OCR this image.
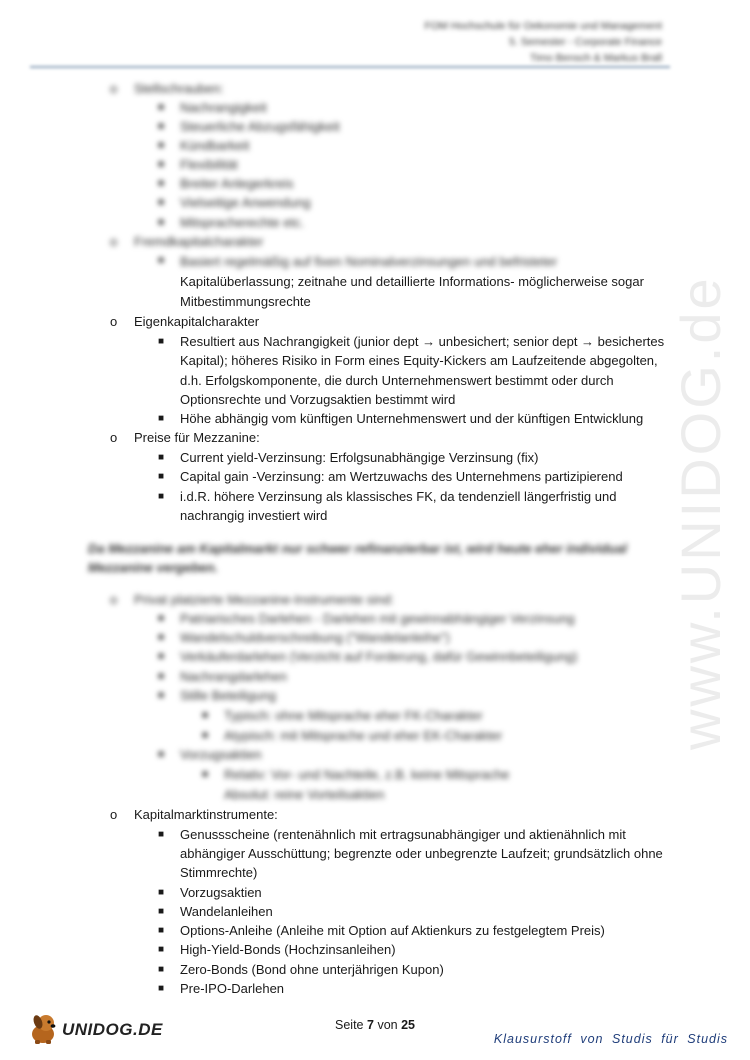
www.UNIDOG.de
FOM Hochschule für Oekonomie und Management
5. Semester - Corporate Finance
Timo Bensch & Markus Brall
o Stellschrauben:
■ Nachrangigkeit
■ Steuerliche Abzugsfähigkeit
■ Kündbarkeit
■ Flexibilität
■ Breiter Anlegerkreis
■ Vielseitige Anwendung
■ Mitspracherechte etc.
o Fremdkapitalcharakter
■ Basiert regelmäßig auf fixen Nominalverzinsungen und befristeter
Kapitalüberlassung; zeitnahe und detaillierte Informations- möglicherweise sogar
Mitbestimmungsrechte
o Eigenkapitalcharakter
■ Resultiert aus Nachrangigkeit (junior dept → unbesichert; senior dept → besichertes
Kapital); höheres Risiko in Form eines Equity-Kickers am Laufzeitende abgegolten,
d.h. Erfolgskomponente, die durch Unternehmenswert bestimmt oder durch
Optionsrechte und Vorzugsaktien bestimmt wird
■ Höhe abhängig vom künftigen Unternehmenswert und der künftigen Entwicklung
o Preise für Mezzanine:
■ Current yield-Verzinsung: Erfolgsunabhängige Verzinsung (fix)
■ Capital gain -Verzinsung: am Wertzuwachs des Unternehmens partizipierend
■ i.d.R. höhere Verzinsung als klassisches FK, da tendenziell längerfristig und
nachrangig investiert wird
Da Mezzanine am Kapitalmarkt nur schwer refinanzierbar ist, wird heute eher individual
Mezzanine vergeben.
o Privat platzierte Mezzanine-Instrumente sind:
■ Patriarisches Darlehen - Darlehen mit gewinnabhängiger Verzinsung
■ Wandelschuldverschreibung ("Wandelanleihe")
■ Verkäuferdarlehen (Verzicht auf Forderung, dafür Gewinnbeteiligung)
■ Nachrangdarlehen
■ Stille Beteiligung
■ Typisch: ohne Mitsprache eher FK-Charakter
■ Atypisch: mit Mitsprache und eher EK-Charakter
■ Vorzugsaktien
■ Relativ: Vor- und Nachteile, z.B. keine Mitsprache
Absolut: reine Vorteilsaktien
o Kapitalmarktinstrumente:
■ Genussscheine (rentenähnlich mit ertragsunabhängiger und aktienähnlich mit
abhängiger Ausschüttung; begrenzte oder unbegrenzte Laufzeit; grundsätzlich ohne
Stimmrechte)
■ Vorzugsaktien
■ Wandelanleihen
■ Options-Anleihe (Anleihe mit Option auf Aktienkurs zu festgelegtem Preis)
■ High-Yield-Bonds (Hochzinsanleihen)
■ Zero-Bonds (Bond ohne unterjährigen Kupon)
■ Pre-IPO-Darlehen
UNIDOG.DE	Seite 7 von 25
Klausurstoff von Studis für Studis
